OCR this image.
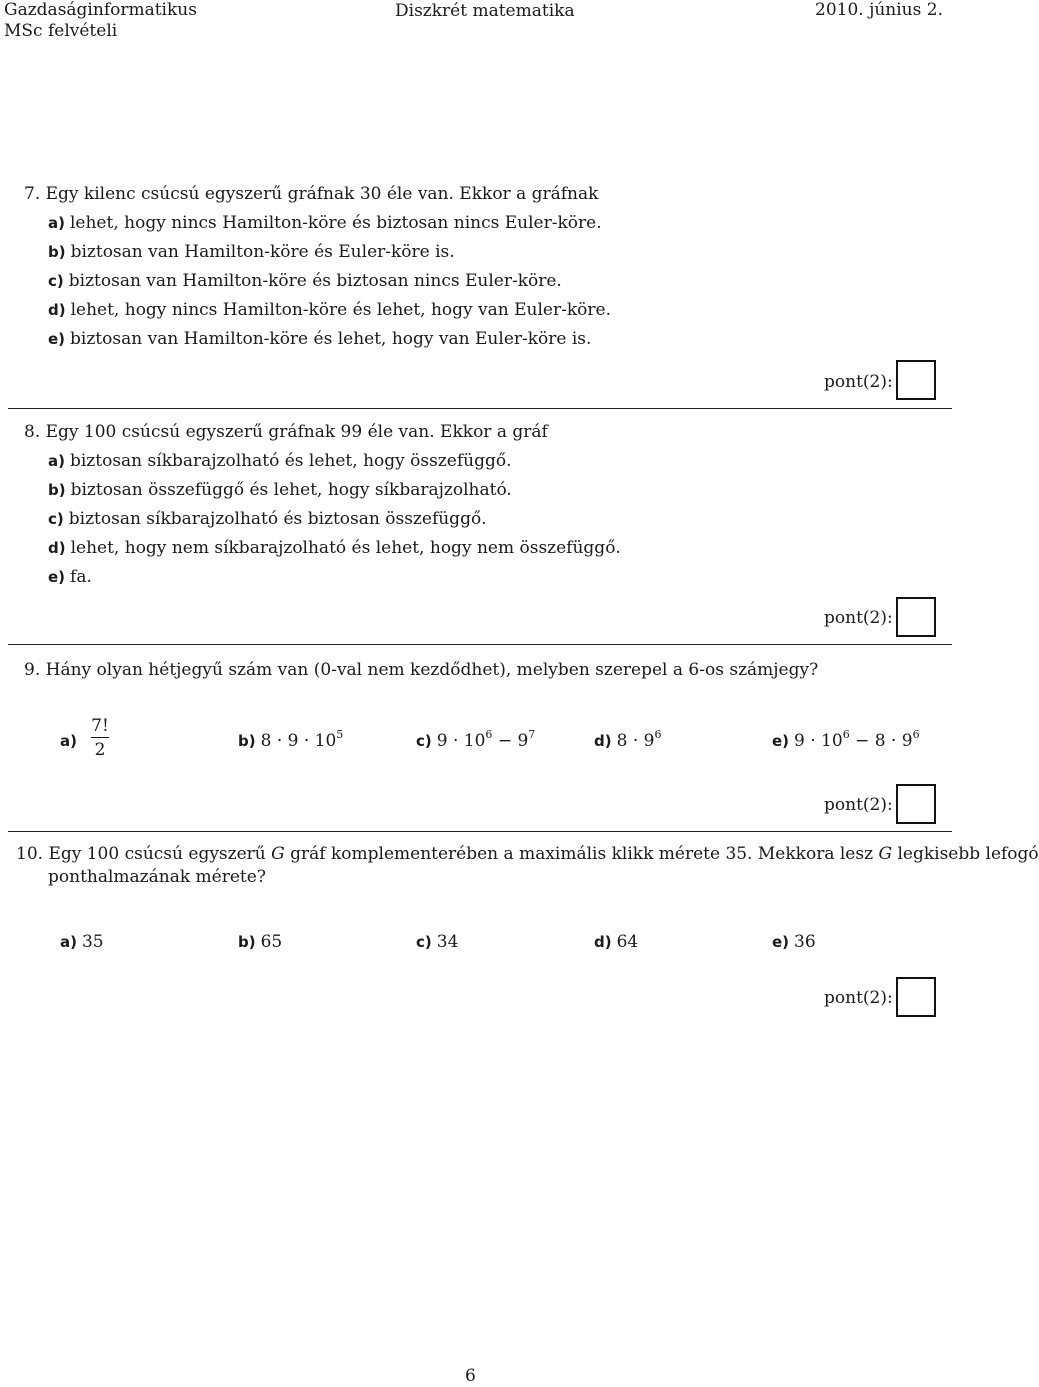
Gazdaságinformatikus
MSc felvételi
Diszkrét matematika	2010. június 2.
7. Egy kilenc csúcsú egyszerű gráfnak 30 éle van. Ekkor a gráfnak
a) lehet, hogy nincs Hamilton-köre és biztosan nincs Euler-köre.
b) biztosan van Hamilton-köre és Euler-köre is.
c) biztosan van Hamilton-köre és biztosan nincs Euler-köre.
d) lehet, hogy nincs Hamilton-köre és lehet, hogy van Euler-köre.
e) biztosan van Hamilton-köre és lehet, hogy van Euler-köre is.
pont(2):
8. Egy 100 csúcsú egyszerű gráfnak 99 éle van. Ekkor a gráf
a) biztosan síkbarajzolható és lehet, hogy összefüggő.
b) biztosan összefüggő és lehet, hogy síkbarajzolható.
c) biztosan síkbarajzolható és biztosan összefüggő.
d) lehet, hogy nem síkbarajzolható és lehet, hogy nem összefüggő.
e) fa.
pont(2):
9. Hány olyan hétjegyű szám van (0-val nem kezdődhet), melyben szerepel a 6-os számjegy?
a)
7!
2	b) $8 \cdot 9 \cdot 10^5$	c) $9 \cdot 10^6 - 9^7$	d) $8 \cdot 9^6$	e) $9 \cdot 10^6 - 8 \cdot 9^6$
pont(2):
10. Egy 100 csúcsú egyszerű G gráf komplementerében a maximális klikk mérete 35. Mekkora lesz G legkisebb lefogó
ponthalmazának mérete?
a) 35	b) 65	c) 34	d) 64	e) 36
pont(2):
6
